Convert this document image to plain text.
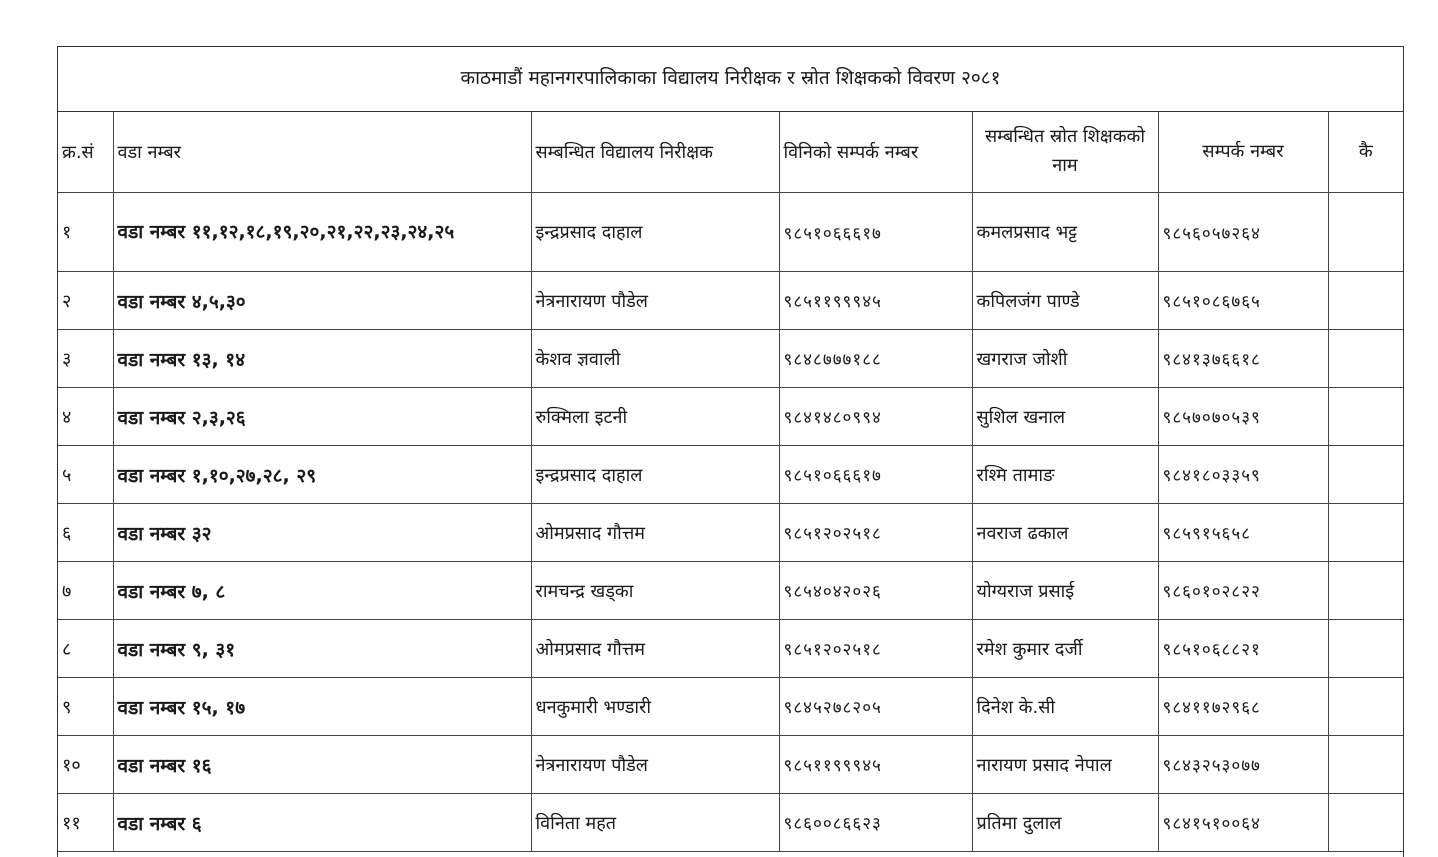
काठमाडौं महानगरपालिकाका विद्यालय निरीक्षक र स्रोत शिक्षकको विवरण २०८१
क्र.सं	वडा नम्बर	सम्बन्धित विद्यालय निरीक्षक	विनिको सम्पर्क नम्बर	सम्बन्धित स्रोत शिक्षकको नाम	सम्पर्क नम्बर	कै
१	वडा नम्बर ११,१२,१८,१९,२०,२१,२२,२३,२४,२५	इन्द्रप्रसाद दाहाल	९८५१०६६६१७	कमलप्रसाद भट्ट	९८५६०५७२६४	
२	वडा नम्बर ४,५,३०	नेत्रनारायण पौडेल	९८५११९९९४५	कपिलजंग पाण्डे	९८५१०८६७६५	
३	वडा नम्बर १३, १४	केशव ज्ञवाली	९८४८७७७१८८	खगराज जोशी	९८४१३७६६१८	
४	वडा नम्बर २,३,२६	रुक्मिला इटनी	९८४१४८०९९४	सुशिल खनाल	९८५७०७०५३९	
५	वडा नम्बर १,१०,२७,२८, २९	इन्द्रप्रसाद दाहाल	९८५१०६६६१७	रश्मि तामाङ	९८४१८०३३५९	
६	वडा नम्बर ३२	ओमप्रसाद गौत्तम	९८५१२०२५१८	नवराज ढकाल	९८५९१५६५८	
७	वडा नम्बर ७, ८	रामचन्द्र खड्का	९८५४०४२०२६	योग्यराज प्रसाई	९८६०१०२८२२	
८	वडा नम्बर ९, ३१	ओमप्रसाद गौत्तम	९८५१२०२५१८	रमेश कुमार दर्जी	९८५१०६८८२१	
९	वडा नम्बर १५, १७	धनकुमारी भण्डारी	९८४५२७८२०५	दिनेश के.सी	९८४११७२९६८	
१०	वडा नम्बर १६	नेत्रनारायण पौडेल	९८५११९९९४५	नारायण प्रसाद नेपाल	९८४३२५३०७७	
११	वडा नम्बर ६	विनिता महत	९८६००८६६२३	प्रतिमा दुलाल	९८४१५१००६४	
